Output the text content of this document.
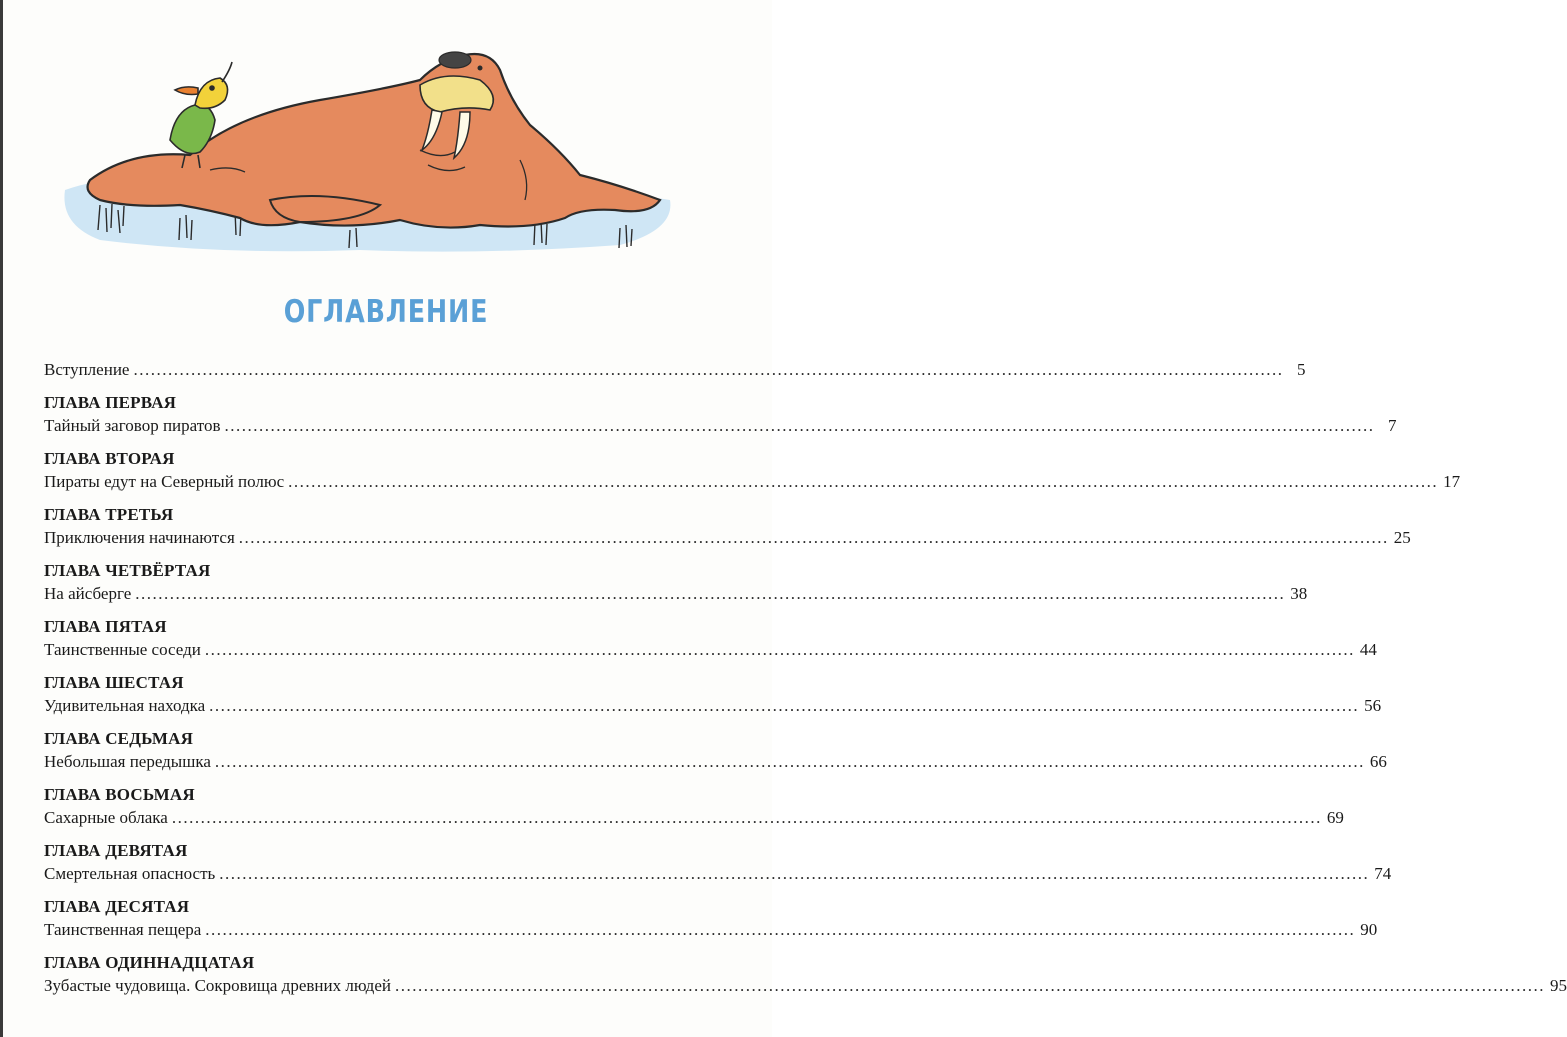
ОГЛАВЛЕНИЕ
Вступление ........................................................................................................................................................................................................ 5
ГЛАВА ПЕРВАЯ
Тайный заговор пиратов ........................................................................................................................................................................................................ 7
ГЛАВА ВТОРАЯ
Пираты едут на Северный полюс ........................................................................................................................................................................................................ 17
ГЛАВА ТРЕТЬЯ
Приключения начинаются ........................................................................................................................................................................................................ 25
ГЛАВА ЧЕТВЁРТАЯ
На айсберге ........................................................................................................................................................................................................ 38
ГЛАВА ПЯТАЯ
Таинственные соседи ........................................................................................................................................................................................................ 44
ГЛАВА ШЕСТАЯ
Удивительная находка ........................................................................................................................................................................................................ 56
ГЛАВА СЕДЬМАЯ
Небольшая передышка ........................................................................................................................................................................................................ 66
ГЛАВА ВОСЬМАЯ
Сахарные облака ........................................................................................................................................................................................................ 69
ГЛАВА ДЕВЯТАЯ
Смертельная опасность ........................................................................................................................................................................................................ 74
ГЛАВА ДЕСЯТАЯ
Таинственная пещера ........................................................................................................................................................................................................ 90
ГЛАВА ОДИННАДЦАТАЯ
Зубастые чудовища. Сокровища древних людей ........................................................................................................................................................................................................ 95
